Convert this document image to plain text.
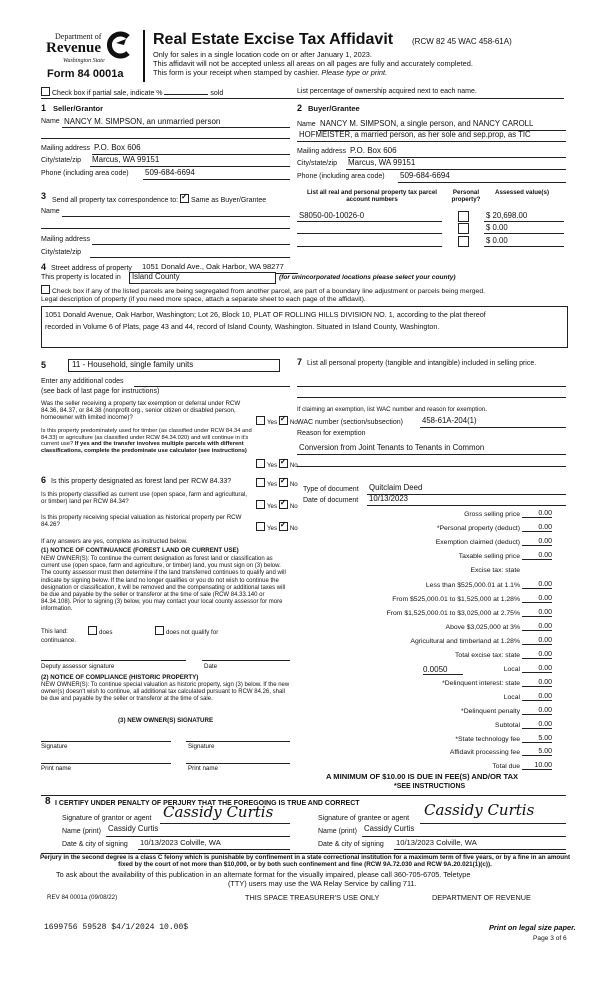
Department of
Revenue
Washington State
Form 84 0001a
Real Estate Excise Tax Affidavit (RCW 82 45 WAC 458-61A)
Only for sales in a single location code on or after January 1, 2023.
This affidavit will not be accepted unless all areas on all pages are fully and accurately completed.
This form is your receipt when stamped by cashier. Please type or print.
Check box if partial sale, indicate %	sold	List percentage of ownership acquired next to each name.
1 Seller/Grantor
Name NANCY M. SIMPSON, an unmarried person
Mailing address P.O. Box 606
City/state/zip Marcus, WA 99151
Phone (including area code) 509-684-6694
2 Buyer/Grantee
Name NANCY M. SIMPSON, a single person, and NANCY CAROLL
HOFMEISTER, a married person, as her sole and sep.prop, as TIC
Mailing address P.O. Box 606
City/state/zip Marcus, WA 99151
Phone (including area code) 509-684-6694
3 Send all property tax correspondence to: ✓ Same as Buyer/Grantee
Name
Mailing address
City/state/zip
List all real and personal property tax parcel account numbers
Personal property?
Assessed value(s)
S8050-00-10026-0	$ 20,698.00
$ 0.00
$ 0.00
4 Street address of property 1051 Donald Ave., Oak Harbor, WA 98277
This property is located in Island County	(for unincorporated locations please select your county)
Check box if any of the listed parcels are being segregated from another parcel, are part of a boundary line adjustment or parcels being merged.
Legal description of property (if you need more space, attach a separate sheet to each page of the affidavit).
1051 Donald Avenue, Oak Harbor, Washington; Lot 26, Block 10, PLAT OF ROLLING HILLS DIVISION NO. 1, according to the plat thereof
recorded in Volume 6 of Plats, page 43 and 44, record of Island County, Washington. Situated in Island County, Washington.
5	11 - Household, single family units
Enter any additional codes
(see back of last page for instructions)
Was the seller receiving a property tax exemption or deferral under RCW 84.36, 84.37, or 84.38 (nonprofit org., senior citizen or disabled person, homeowner with limited income)?
Yes ✓ No
Is this property predominately used for timber (as classified under RCW 84.34 and 84.33) or agriculture (as classified under RCW 84.34.020) and will continue in it's current use? If yes and the transfer involves multiple parcels with different classifications, complete the predominate use calculator (see instructions)
Yes ✓ No
6 Is this property designated as forest land per RCW 84.33?	Yes ✓ No
Is this property classified as current use (open space, farm and agricultural, or timber) land per RCW 84.34?
Yes ✓ No
Is this property receiving special valuation as historical property per RCW 84.26?
Yes ✓ No
If any answers are yes, complete as instructed below.
(1) NOTICE OF CONTINUANCE (FOREST LAND OR CURRENT USE)
NEW OWNER(S): To continue the current designation as forest land or classification as current use (open space, farm and agriculture, or timber) land, you must sign on (3) below. The county assessor must then determine if the land transferred continues to qualify and will indicate by signing below. If the land no longer qualifies or you do not wish to continue the designation or classification, it will be removed and the compensating or additional taxes will be due and payable by the seller or transferor at the time of sale (RCW 84.33.140 or 84.34.108). Prior to signing (3) below, you may contact your local county assessor for more information.
This land:	does	does not qualify for
continuance.
Deputy assessor signature	Date
(2) NOTICE OF COMPLIANCE (HISTORIC PROPERTY)
NEW OWNER(S): To continue special valuation as historic property, sign (3) below. If the new owner(s) doesn't wish to continue, all additional tax calculated pursuant to RCW 84.26, shall be due and payable by the seller or transferor at the time of sale.
(3) NEW OWNER(S) SIGNATURE
Signature	Signature
Print name	Print name
7 List all personal property (tangible and intangible) included in selling price.
If claiming an exemption, list WAC number and reason for exemption.
WAC number (section/subsection) 458-61A-204(1)
Reason for exemption
Conversion from Joint Tenants to Tenants in Common
Type of document Quitclaim Deed
Date of document 10/13/2023
Gross selling price	0.00
*Personal property (deduct)	0.00
Exemption claimed (deduct)	0.00
Taxable selling price	0.00
Excise tax: state
Less than $525,000.01 at 1.1%	0.00
From $525,000.01 to $1,525,000 at 1.28%	0.00
From $1,525,000.01 to $3,025,000 at 2.75%	0.00
Above $3,025,000 at 3%	0.00
Agricultural and timberland at 1.28%	0.00
Total excise tax: state	0.00
0.0050	Local	0.00
*Delinquent interest: state	0.00
Local	0.00
*Delinquent penalty	0.00
Subtotal	0.00
*State technology fee	5.00
Affidavit processing fee	5.00
Total due	10.00
A MINIMUM OF $10.00 IS DUE IN FEE(S) AND/OR TAX
*SEE INSTRUCTIONS
8 I CERTIFY UNDER PENALTY OF PERJURY THAT THE FOREGOING IS TRUE AND CORRECT
Signature of grantor or agent Cassidy Curtis
Name (print) Cassidy Curtis
Date & city of signing 10/13/2023 Colville, WA
Signature of grantee or agent Cassidy Curtis
Name (print) Cassidy Curtis
Date & city of signing 10/13/2023 Colville, WA
Perjury in the second degree is a class C felony which is punishable by confinement in a state correctional institution for a maximum term of five years, or by a fine in an amount fixed by the court of not more than $10,000, or by both such confinement and fine (RCW 9A.72.030 and RCW 9A.20.021(1)(c)).
To ask about the availability of this publication in an alternate format for the visually impaired, please call 360-705-6705. Teletype
(TTY) users may use the WA Relay Service by calling 711.
REV 84 0001a (09/08/22)	THIS SPACE TREASURER'S USE ONLY	DEPARTMENT OF REVENUE
1699756 59528 $4/1/2024 10.00$	Print on legal size paper.
Page 3 of 6
